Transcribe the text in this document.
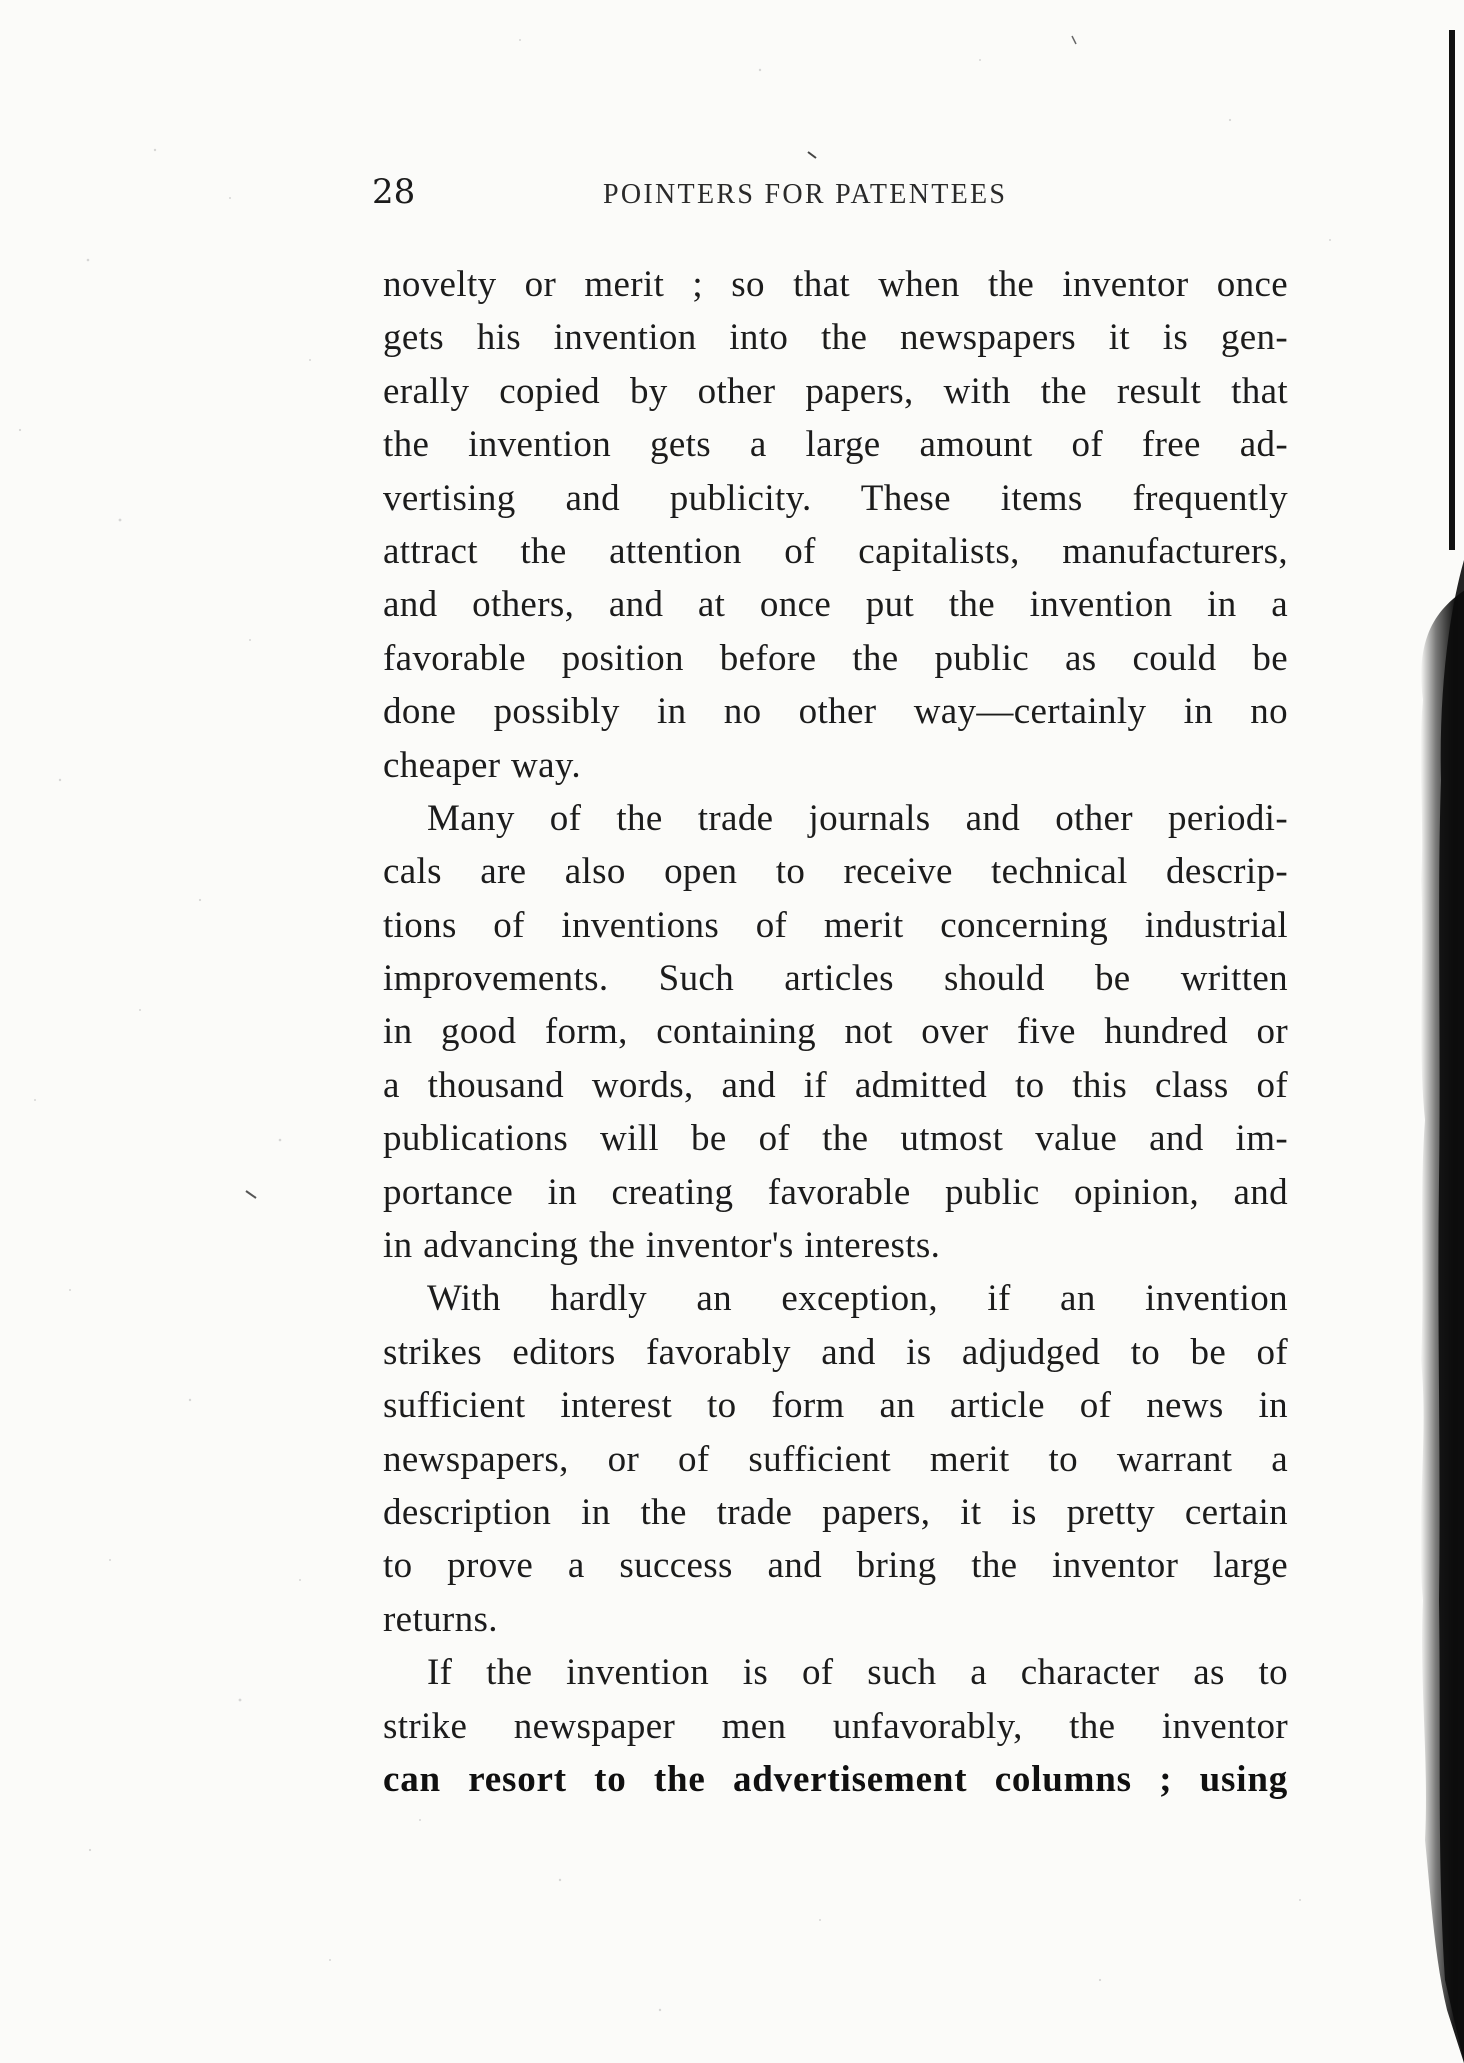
28	POINTERS FOR PATENTEES
novelty or merit ; so that when the inventor once
gets his invention into the newspapers it is gen-
erally copied by other papers, with the result that
the invention gets a large amount of free ad-
vertising and publicity. These items frequently
attract the attention of capitalists, manufacturers,
and others, and at once put the invention in a
favorable position before the public as could be
done possibly in no other way—certainly in no
cheaper way.
Many of the trade journals and other periodi-
cals are also open to receive technical descrip-
tions of inventions of merit concerning industrial
improvements. Such articles should be written
in good form, containing not over five hundred or
a thousand words, and if admitted to this class of
publications will be of the utmost value and im-
portance in creating favorable public opinion, and
in advancing the inventor's interests.
With hardly an exception, if an invention
strikes editors favorably and is adjudged to be of
sufficient interest to form an article of news in
newspapers, or of sufficient merit to warrant a
description in the trade papers, it is pretty certain
to prove a success and bring the inventor large
returns.
If the invention is of such a character as to
strike newspaper men unfavorably, the inventor
can resort to the advertisement columns ; using
